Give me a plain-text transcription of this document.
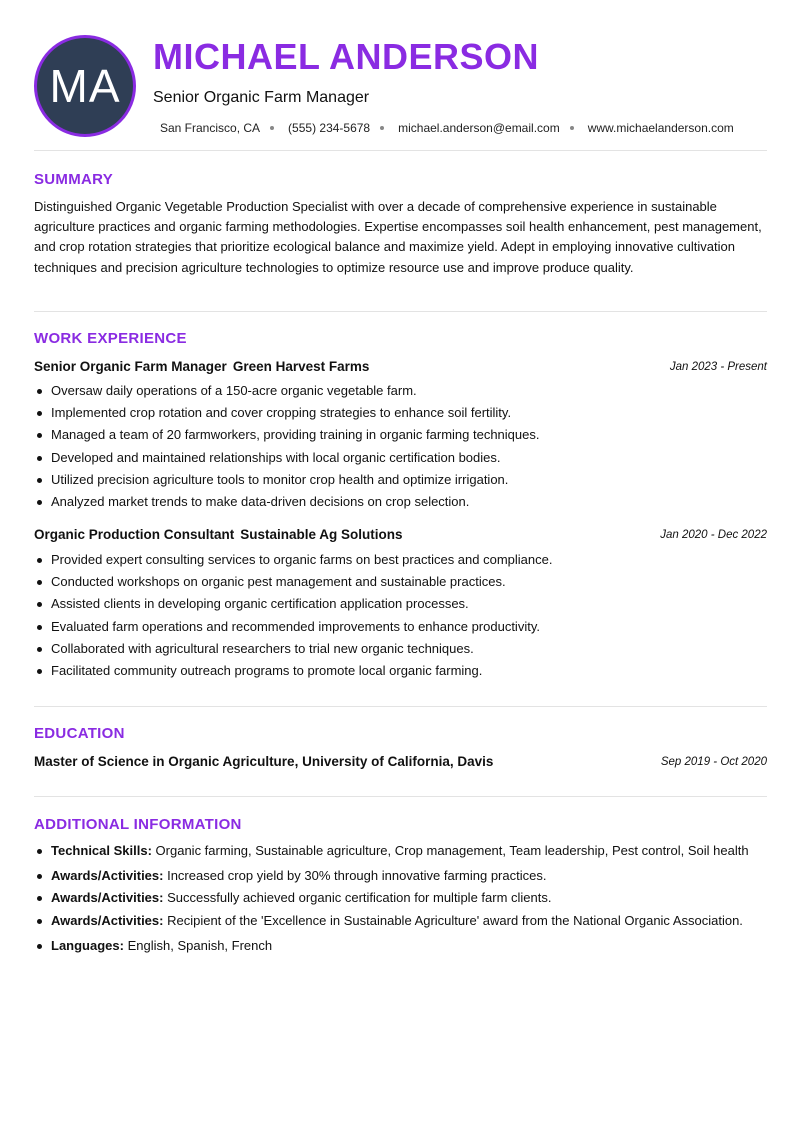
MA
MICHAEL ANDERSON
Senior Organic Farm Manager
San Francisco, CA (555) 234-5678 michael.anderson@email.com www.michaelanderson.com
SUMMARY
Distinguished Organic Vegetable Production Specialist with over a decade of comprehensive experience in sustainable agriculture practices and organic farming methodologies. Expertise encompasses soil health enhancement, pest management, and crop rotation strategies that prioritize ecological balance and maximize yield. Adept in employing innovative cultivation techniques and precision agriculture technologies to optimize resource use and improve produce quality.
WORK EXPERIENCE
Senior Organic Farm Manager Green Harvest Farms	Jan 2023 - Present
Oversaw daily operations of a 150-acre organic vegetable farm.
Implemented crop rotation and cover cropping strategies to enhance soil fertility.
Managed a team of 20 farmworkers, providing training in organic farming techniques.
Developed and maintained relationships with local organic certification bodies.
Utilized precision agriculture tools to monitor crop health and optimize irrigation.
Analyzed market trends to make data-driven decisions on crop selection.
Organic Production Consultant Sustainable Ag Solutions	Jan 2020 - Dec 2022
Provided expert consulting services to organic farms on best practices and compliance.
Conducted workshops on organic pest management and sustainable practices.
Assisted clients in developing organic certification application processes.
Evaluated farm operations and recommended improvements to enhance productivity.
Collaborated with agricultural researchers to trial new organic techniques.
Facilitated community outreach programs to promote local organic farming.
EDUCATION
Master of Science in Organic Agriculture, University of California, Davis	Sep 2019 - Oct 2020
ADDITIONAL INFORMATION
Technical Skills: Organic farming, Sustainable agriculture, Crop management, Team leadership, Pest control, Soil health
Awards/Activities: Increased crop yield by 30% through innovative farming practices.
Awards/Activities: Successfully achieved organic certification for multiple farm clients.
Awards/Activities: Recipient of the 'Excellence in Sustainable Agriculture' award from the National Organic Association.
Languages: English, Spanish, French
